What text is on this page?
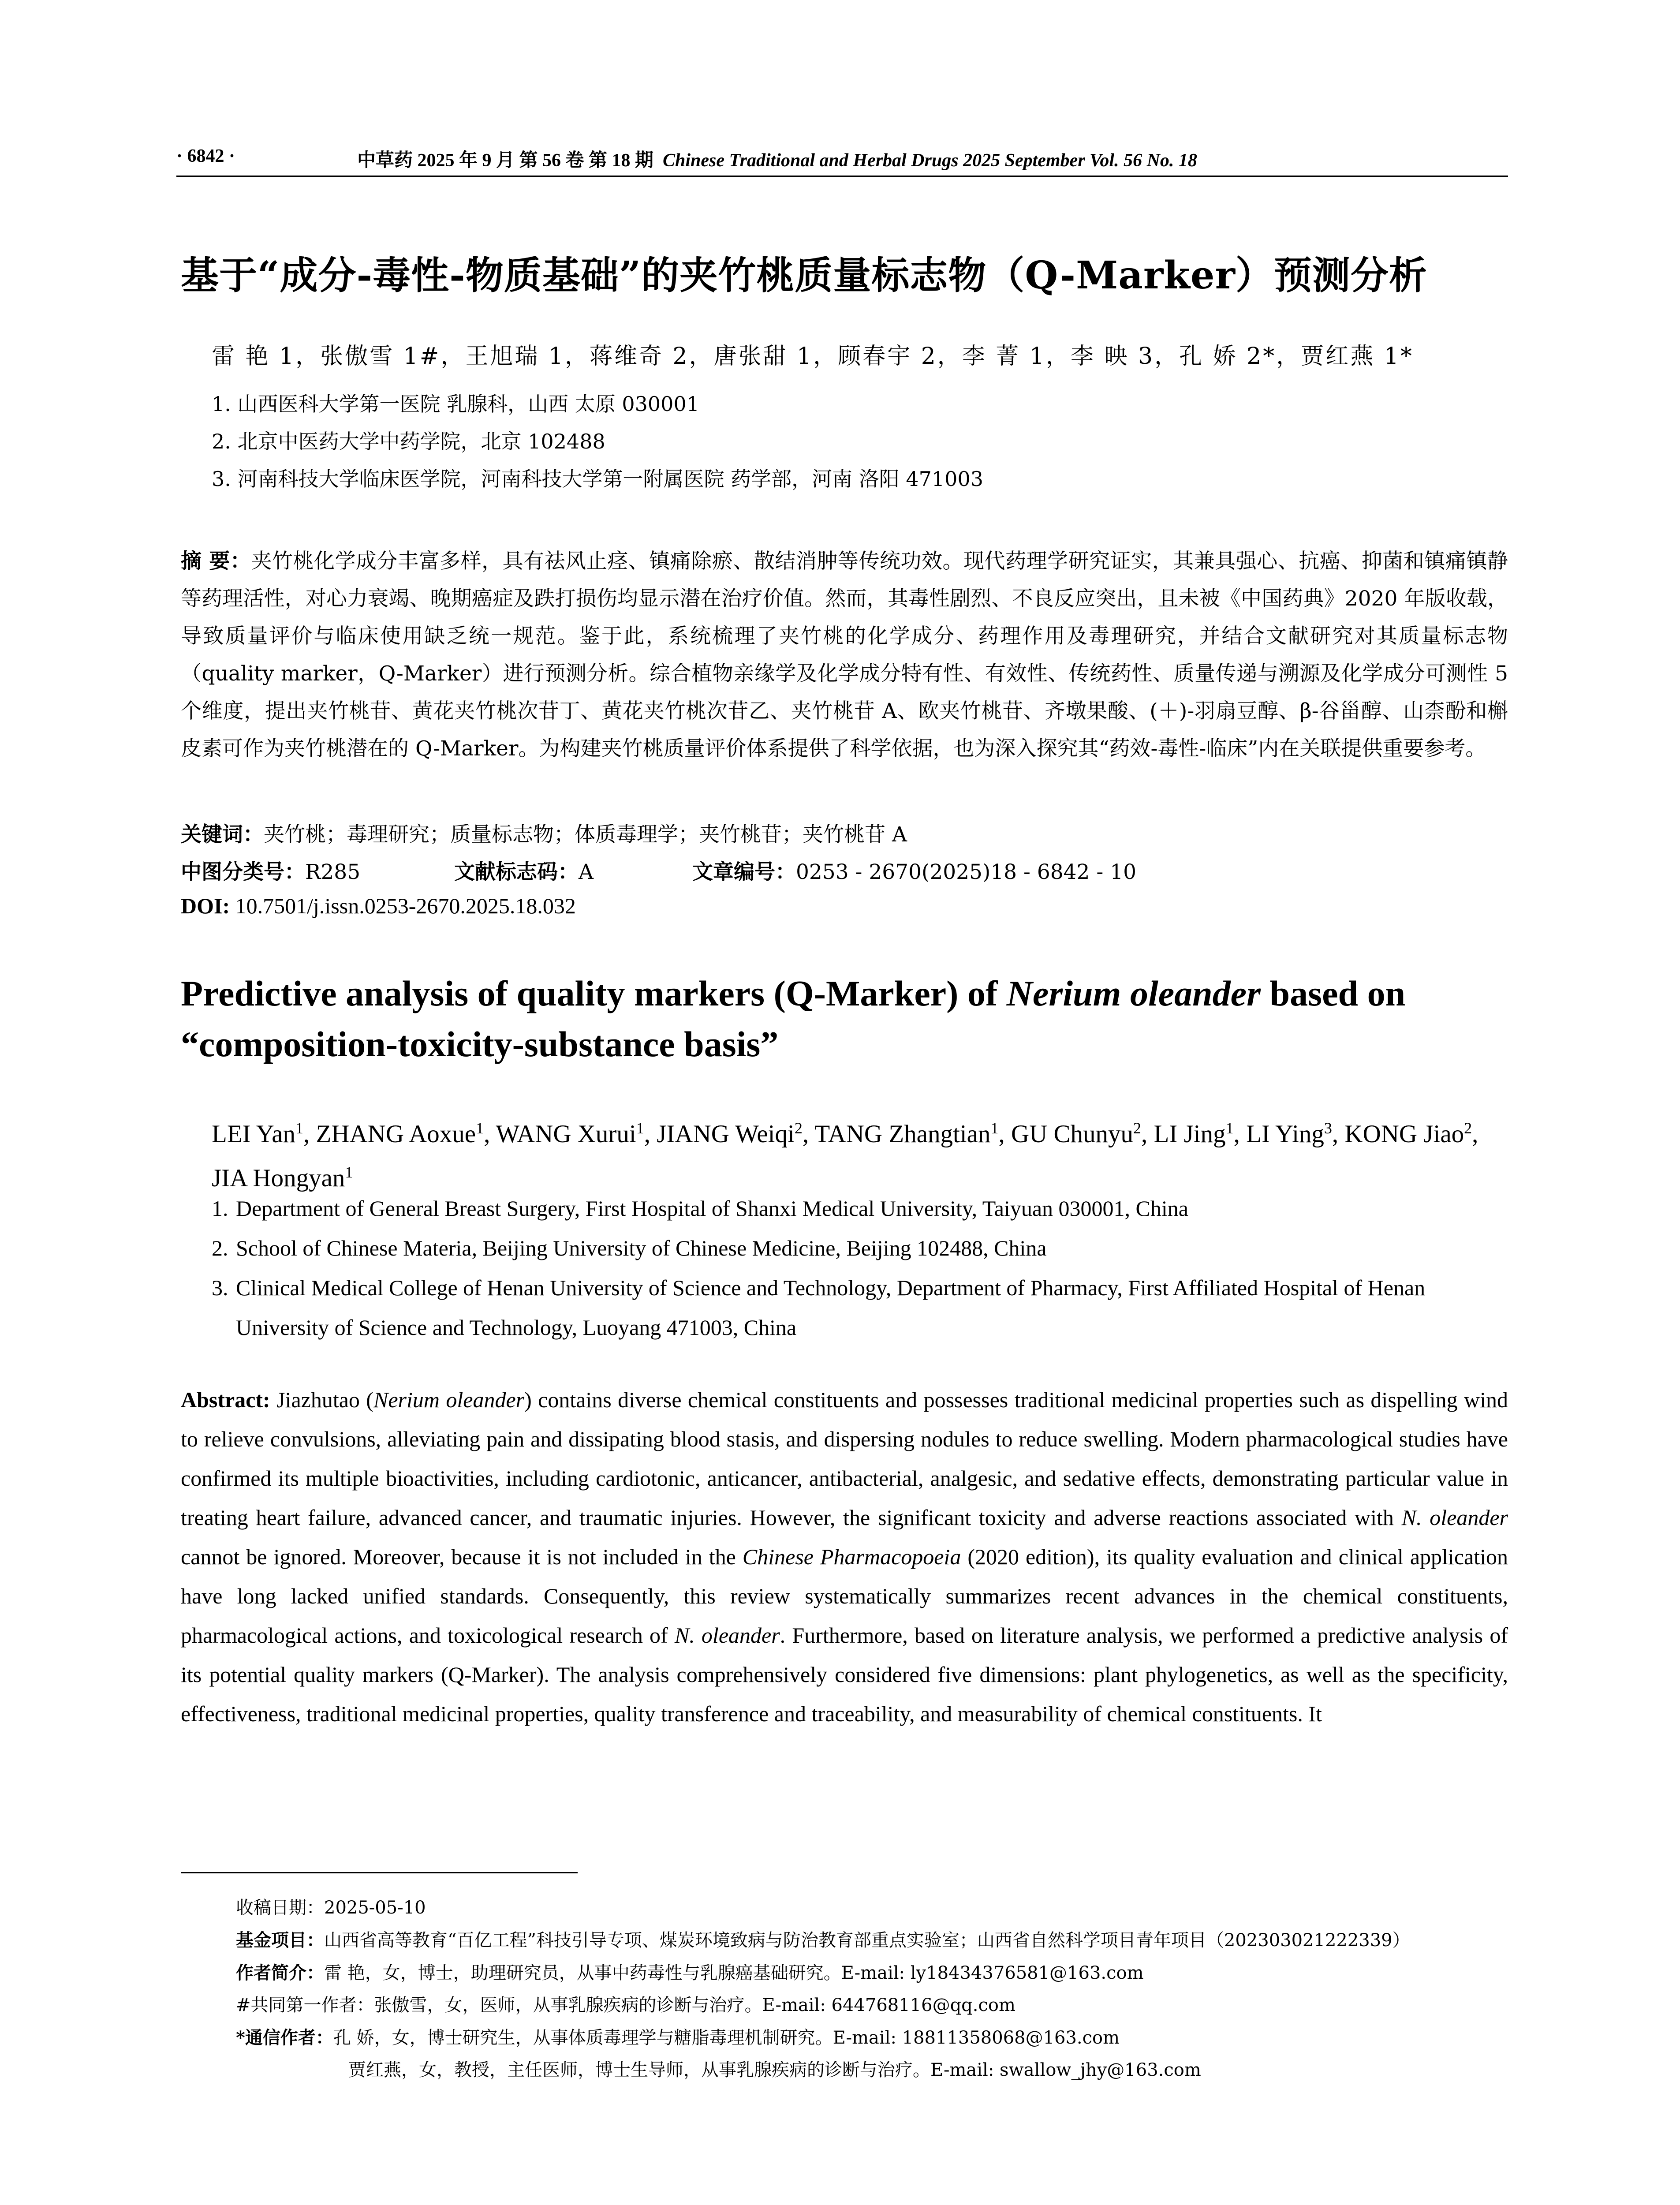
· 6842 ·	中草药 2025 年 9 月 第 56 卷 第 18 期 Chinese Traditional and Herbal Drugs 2025 September Vol. 56 No. 18
基于“成分-毒性-物质基础”的夹竹桃质量标志物（Q-Marker）预测分析
雷 艳 1，张傲雪 1#，王旭瑞 1，蒋维奇 2，唐张甜 1，顾春宇 2，李 菁 1，李 映 3，孔 娇 2*，贾红燕 1*
1. 山西医科大学第一医院 乳腺科，山西 太原 030001
2. 北京中医药大学中药学院，北京 102488
3. 河南科技大学临床医学院，河南科技大学第一附属医院 药学部，河南 洛阳 471003
摘 要：夹竹桃化学成分丰富多样，具有祛风止痉、镇痛除瘀、散结消肿等传统功效。现代药理学研究证实，其兼具强心、抗癌、抑菌和镇痛镇静等药理活性，对心力衰竭、晚期癌症及跌打损伤均显示潜在治疗价值。然而，其毒性剧烈、不良反应突出，且未被《中国药典》2020 年版收载，导致质量评价与临床使用缺乏统一规范。鉴于此，系统梳理了夹竹桃的化学成分、药理作用及毒理研究，并结合文献研究对其质量标志物（quality marker，Q-Marker）进行预测分析。综合植物亲缘学及化学成分特有性、有效性、传统药性、质量传递与溯源及化学成分可测性 5 个维度，提出夹竹桃苷、黄花夹竹桃次苷丁、黄花夹竹桃次苷乙、夹竹桃苷 A、欧夹竹桃苷、齐墩果酸、(＋)-羽扇豆醇、β-谷甾醇、山柰酚和槲皮素可作为夹竹桃潜在的 Q-Marker。为构建夹竹桃质量评价体系提供了科学依据，也为深入探究其“药效-毒性-临床”内在关联提供重要参考。
关键词：夹竹桃；毒理研究；质量标志物；体质毒理学；夹竹桃苷；夹竹桃苷 A
中图分类号：R285	文献标志码：A	文章编号：0253 - 2670(2025)18 - 6842 - 10
DOI: 10.7501/j.issn.0253-2670.2025.18.032
Predictive analysis of quality markers (Q-Marker) of Nerium oleander based on “composition-toxicity-substance basis”
LEI Yan$^1$, ZHANG Aoxue$^1$, WANG Xurui$^1$, JIANG Weiqi$^2$, TANG Zhangtian$^1$, GU Chunyu$^2$, LI Jing$^1$, LI Ying$^3$, KONG Jiao$^2$, JIA Hongyan$^1$
1. Department of General Breast Surgery, First Hospital of Shanxi Medical University, Taiyuan 030001, China
2. School of Chinese Materia, Beijing University of Chinese Medicine, Beijing 102488, China
3. Clinical Medical College of Henan University of Science and Technology, Department of Pharmacy, First Affiliated Hospital of Henan University of Science and Technology, Luoyang 471003, China
Abstract: Jiazhutao (Nerium oleander) contains diverse chemical constituents and possesses traditional medicinal properties such as dispelling wind to relieve convulsions, alleviating pain and dissipating blood stasis, and dispersing nodules to reduce swelling. Modern pharmacological studies have confirmed its multiple bioactivities, including cardiotonic, anticancer, antibacterial, analgesic, and sedative effects, demonstrating particular value in treating heart failure, advanced cancer, and traumatic injuries. However, the significant toxicity and adverse reactions associated with N. oleander cannot be ignored. Moreover, because it is not included in the Chinese Pharmacopoeia (2020 edition), its quality evaluation and clinical application have long lacked unified standards. Consequently, this review systematically summarizes recent advances in the chemical constituents, pharmacological actions, and toxicological research of N. oleander. Furthermore, based on literature analysis, we performed a predictive analysis of its potential quality markers (Q-Marker). The analysis comprehensively considered five dimensions: plant phylogenetics, as well as the specificity, effectiveness, traditional medicinal properties, quality transference and traceability, and measurability of chemical constituents. It
收稿日期：2025-05-10
基金项目：山西省高等教育“百亿工程”科技引导专项、煤炭环境致病与防治教育部重点实验室；山西省自然科学项目青年项目（202303021222339）
作者简介：雷 艳，女，博士，助理研究员，从事中药毒性与乳腺癌基础研究。E-mail: ly18434376581@163.com
#共同第一作者：张傲雪，女，医师，从事乳腺疾病的诊断与治疗。E-mail: 644768116@qq.com
*通信作者：孔 娇，女，博士研究生，从事体质毒理学与糖脂毒理机制研究。E-mail: 18811358068@163.com
贾红燕，女，教授，主任医师，博士生导师，从事乳腺疾病的诊断与治疗。E-mail: swallow_jhy@163.com
